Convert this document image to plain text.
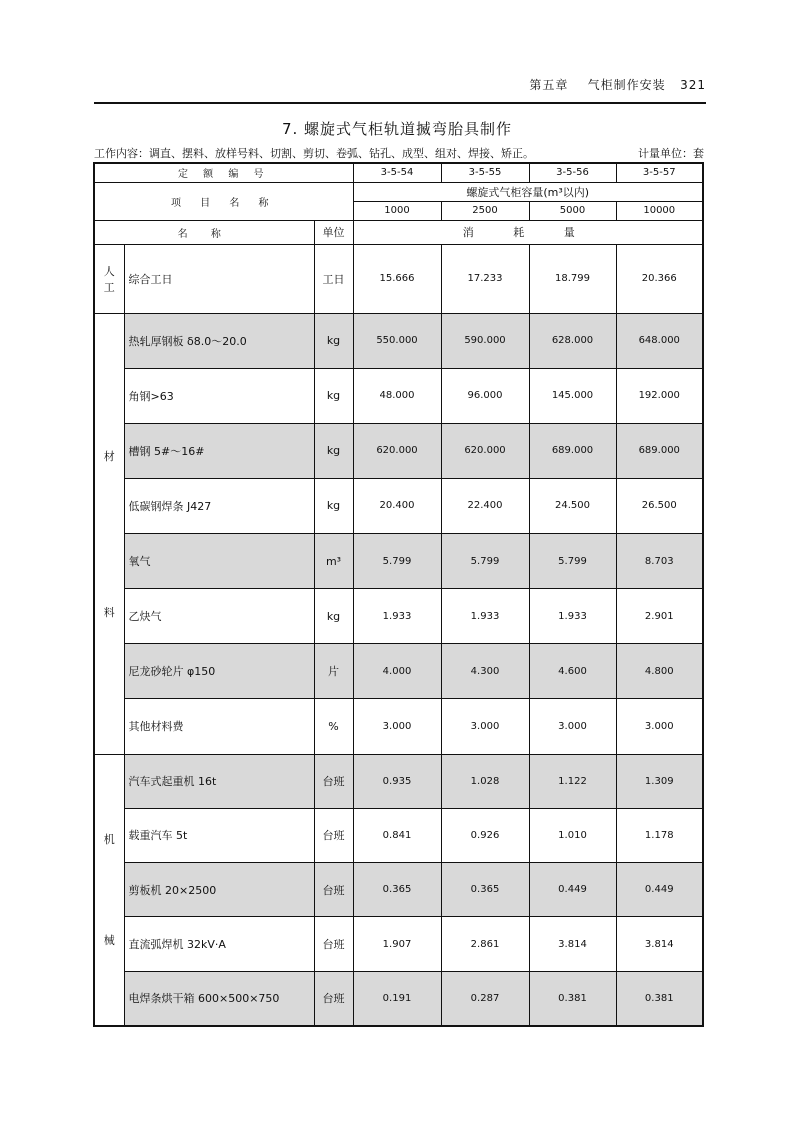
第五章 气柜制作安装 321
7. 螺旋式气柜轨道揻弯胎具制作
工作内容：调直、摆料、放样号料、切割、剪切、卷弧、钻孔、成型、组对、焊接、矫正。	计量单位：套
定 额 编 号			3-5-54	3-5-55	3-5-56	3-5-57
项 目 名 称			螺旋式气柜容量(m³以内)			
			1000	2500	5000	10000
名 称		单位	消 耗 量			

人
工	综合工日	工日	15.666	17.233	18.799	20.366

材
料	热轧厚钢板 δ8.0～20.0	kg	550.000	590.000	628.000	648.000
	角钢>63	kg	48.000	96.000	145.000	192.000
	槽钢 5#～16#	kg	620.000	620.000	689.000	689.000
	低碳钢焊条 J427	kg	20.400	22.400	24.500	26.500
	氧气	m³	5.799	5.799	5.799	8.703
	乙炔气	kg	1.933	1.933	1.933	2.901
	尼龙砂轮片 φ150	片	4.000	4.300	4.600	4.800
	其他材料费	%	3.000	3.000	3.000	3.000

机
械	汽车式起重机 16t	台班	0.935	1.028	1.122	1.309
	载重汽车 5t	台班	0.841	0.926	1.010	1.178
	剪板机 20×2500	台班	0.365	0.365	0.449	0.449
	直流弧焊机 32kV·A	台班	1.907	2.861	3.814	3.814
	电焊条烘干箱 600×500×750	台班	0.191	0.287	0.381	0.381
